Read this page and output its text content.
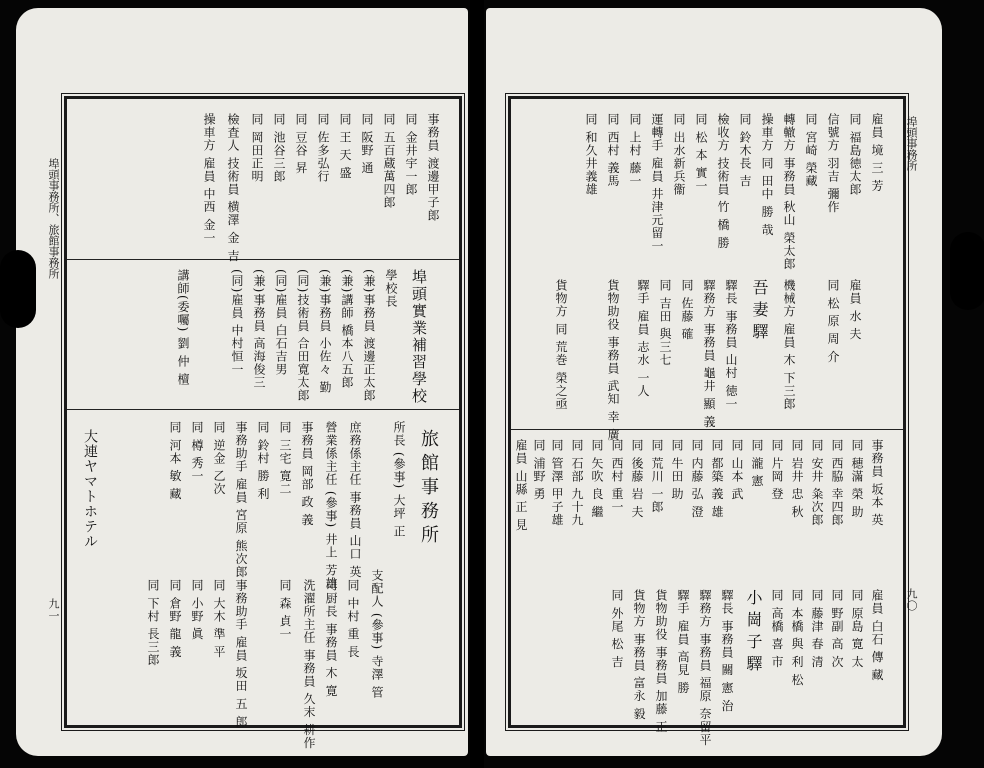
埠頭事務所、旅館事務所
九一
事務員 渡邊甲子郎
同 金井宇一郎
同 五百蔵萬四郎
同 阪野 通
同 王 天 盛
同 佐多弘行
同 豆谷 昇
同 池谷三郎
同 岡田正明
檢査人 技術員 横澤 金 吉
操車方 雇員 中西 金一
埠頭實業補習學校
學校長
(兼)事務員 渡邊正太郎
(兼)講師 橋本八五郎
(兼)事務員 小佐々 勤
(同)技術員 合田寛太郎
(同)雇員 白石吉男
(兼)事務員 高海俊三
(同)雇員 中村恒一
講師(委囑) 劉 仲 檀
旅館事務所
所長 (參事) 大坪 正
支配人 (參事) 寺澤 管
庶務係主任 事務員 山口 英
營業係主任 (參事) 井上 芳雄
事務員 岡部 政 義
同 三宅 寛二
同 鈴村 勝 利
事務助手 雇員 宮原 熊次郎
同 逆金 乙次
同 樽 秀一
同 河本 敏 藏
洗濯所主任 事務員 久末 耕作 司厨長 事務員 木 寛 同 中村 重 長
同 森 貞一
事務助手 雇員 坂田 五 郎
同 大木 準 平
同 小野 眞
同 倉野 龍 義
同 下村 長三郎
大連ヤマトホテル
埠頭事務所
九〇
雇員 境 三 芳
同 福島徳太郎
信號方 羽吉 彌作
同 宮崎 榮藏
轉轍方 事務員 秋山 榮太郎
操車方 同 田中 勝 哉
同 鈴木長 吉
檢收方 技術員 竹 橋 勝
同 松 本 實一
同 出水新兵衞
運轉手 雇員 井津元留一
同 上村 藤一
同 西村 義馬
同 和久井義雄
雇員 水 夫
同 松 原 周 介
機械方 雇員 木 下三郎
吾妻驛
驛長 事務員 山村 徳一
驛務方 事務員 龜井 顯 義
同 佐藤 確
同 吉田 與三七
驛手 雇員 志水 一人
貨物助役 事務員 武知 幸 廣
貨物方 同 荒巻 榮之亟
事務員 坂本 英
同 穂滿 榮 助
同 西脇 幸四郎
同 安井 粂次郎
同 岩井 忠 秋
同 片岡 登
同 瀧 憲
同 山本 武
同 都築 義 雄
同 内藤 弘 澄
同 牛田 助
同 荒川 一郎
同 後藤 岩 夫
同 西村 重一
同 矢吹 良 繼
同 石部 九十九
同 管澤 甲子雄
同 浦野 勇
雇員 山縣 正 見
雇員 白石 傳 藏
同 原島 寛 太
同 野副 高 次
同 藤津 春 清
同 本橋 與 利 松
同 高橋 喜 市
小崗子驛
驛長 事務員 關 憲 治
驛務方 事務員 福原 奈留平
驛手 雇員 高見 勝
貨物助役 事務員 加藤 正
貨物方 事務員 富永 毅
同 外尾 松 吉
